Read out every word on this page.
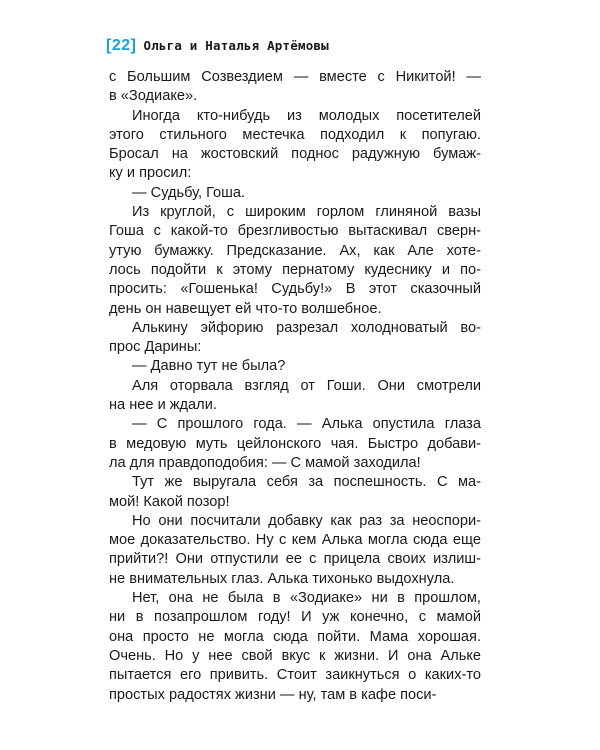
[22] Ольга и Наталья Артёмовы
с Большим Созвездием — вместе с Никитой! —
в «Зодиаке».
Иногда кто-нибудь из молодых посетителей
этого стильного местечка подходил к попугаю.
Бросал на жостовский поднос радужную бумаж-
ку и просил:
— Судьбу, Гоша.
Из круглой, с широким горлом глиняной вазы
Гоша с какой-то брезгливостью вытаскивал сверн-
утую бумажку. Предсказание. Ах, как Але хоте-
лось подойти к этому пернатому кудеснику и по-
просить: «Гошенька! Судьбу!» В этот сказочный
день он навещует ей что-то волшебное.
Алькину эйфорию разрезал холодноватый во-
прос Дарины:
— Давно тут не была?
Аля оторвала взгляд от Гоши. Они смотрели
на нее и ждали.
— С прошлого года. — Алька опустила глаза
в медовую муть цейлонского чая. Быстро добави-
ла для правдоподобия: — С мамой заходила!
Тут же выругала себя за поспешность. С ма-
мой! Какой позор!
Но они посчитали добавку как раз за неоспори-
мое доказательство. Ну с кем Алька могла сюда еще
прийти?! Они отпустили ее с прицела своих излиш-
не внимательных глаз. Алька тихонько выдохнула.
Нет, она не была в «Зодиаке» ни в прошлом,
ни в позапрошлом году! И уж конечно, с мамой
она просто не могла сюда пойти. Мама хорошая.
Очень. Но у нее свой вкус к жизни. И она Альке
пытается его привить. Стоит заикнуться о каких-то
простых радостях жизни — ну, там в кафе поси-
